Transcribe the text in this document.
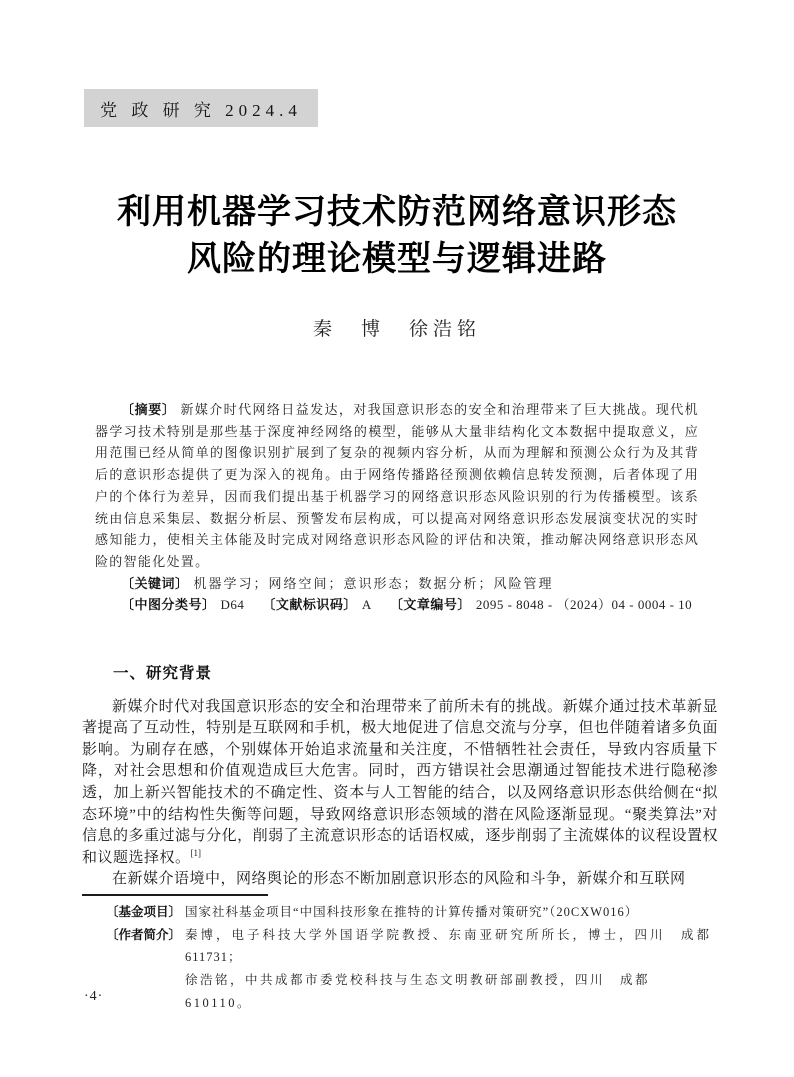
党 政 研 究 2024.4
利用机器学习技术防范网络意识形态
风险的理论模型与逻辑进路
秦　博　徐浩铭

〔摘要〕 新媒介时代网络日益发达，对我国意识形态的安全和治理带来了巨大挑战。现代机器学习技术特别是那些基于深度神经网络的模型，能够从大量非结构化文本数据中提取意义，应用范围已经从简单的图像识别扩展到了复杂的视频内容分析，从而为理解和预测公众行为及其背后的意识形态提供了更为深入的视角。由于网络传播路径预测依赖信息转发预测，后者体现了用户的个体行为差异，因而我们提出基于机器学习的网络意识形态风险识别的行为传播模型。该系统由信息采集层、数据分析层、预警发布层构成，可以提高对网络意识形态发展演变状况的实时感知能力，使相关主体能及时完成对网络意识形态风险的评估和决策，推动解决网络意识形态风险的智能化处置。

〔关键词〕 机器学习；网络空间；意识形态；数据分析；风险管理

〔中图分类号〕 D64 〔文献标识码〕 A 〔文章编号〕 2095 - 8048 - （2024）04 - 0004 - 10

一、研究背景

新媒介时代对我国意识形态的安全和治理带来了前所未有的挑战。新媒介通过技术革新显著提高了互动性，特别是互联网和手机，极大地促进了信息交流与分享，但也伴随着诸多负面影响。为刷存在感，个别媒体开始追求流量和关注度，不惜牺牲社会责任，导致内容质量下降，对社会思想和价值观造成巨大危害。同时，西方错误社会思潮通过智能技术进行隐秘渗透，加上新兴智能技术的不确定性、资本与人工智能的结合，以及网络意识形态供给侧在“拟态环境”中的结构性失衡等问题，导致网络意识形态领域的潜在风险逐渐显现。“聚类算法”对信息的多重过滤与分化，削弱了主流意识形态的话语权威，逐步削弱了主流媒体的议程设置权和议题选择权。[1]

在新媒介语境中，网络舆论的形态不断加剧意识形态的风险和斗争，新媒介和互联网

〔基金项目〕 国家社科基金项目“中国科技形象在推特的计算传播对策研究”（20CXW016）
〔作者简介〕 秦博，电子科技大学外国语学院教授、东南亚研究所所长，博士，四川　成都
611731；
徐浩铭，中共成都市委党校科技与生态文明教研部副教授，四川　成都　610110。
·4·
